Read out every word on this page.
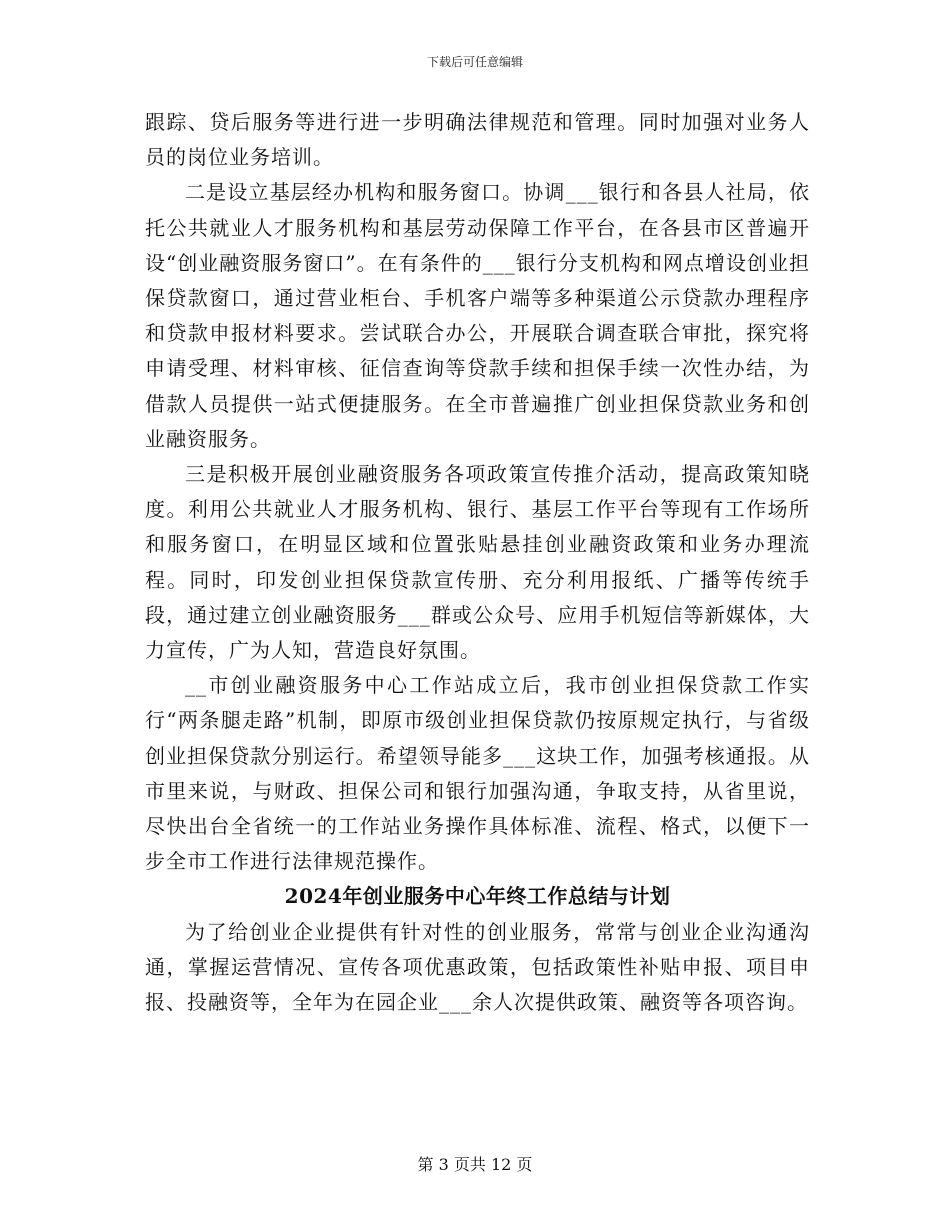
下载后可任意编辑

跟踪、贷后服务等进行进一步明确法律规范和管理。同时加强对业务人员的岗位业务培训。

二是设立基层经办机构和服务窗口。协调___银行和各县人社局，依托公共就业人才服务机构和基层劳动保障工作平台，在各县市区普遍开设“创业融资服务窗口”。在有条件的___银行分支机构和网点增设创业担保贷款窗口，通过营业柜台、手机客户端等多种渠道公示贷款办理程序和贷款申报材料要求。尝试联合办公，开展联合调查联合审批，探究将申请受理、材料审核、征信查询等贷款手续和担保手续一次性办结，为借款人员提供一站式便捷服务。在全市普遍推广创业担保贷款业务和创业融资服务。

三是积极开展创业融资服务各项政策宣传推介活动，提高政策知晓度。利用公共就业人才服务机构、银行、基层工作平台等现有工作场所和服务窗口，在明显区域和位置张贴悬挂创业融资政策和业务办理流程。同时，印发创业担保贷款宣传册、充分利用报纸、广播等传统手段，通过建立创业融资服务___群或公众号、应用手机短信等新媒体，大力宣传，广为人知，营造良好氛围。

__市创业融资服务中心工作站成立后，我市创业担保贷款工作实行“两条腿走路”机制，即原市级创业担保贷款仍按原规定执行，与省级创业担保贷款分别运行。希望领导能多___这块工作，加强考核通报。从市里来说，与财政、担保公司和银行加强沟通，争取支持，从省里说，尽快出台全省统一的工作站业务操作具体标准、流程、格式，以便下一步全市工作进行法律规范操作。

2024年创业服务中心年终工作总结与计划

为了给创业企业提供有针对性的创业服务，常常与创业企业沟通沟通，掌握运营情况、宣传各项优惠政策，包括政策性补贴申报、项目申报、投融资等，全年为在园企业___余人次提供政策、融资等各项咨询。

第 3 页共 12 页
